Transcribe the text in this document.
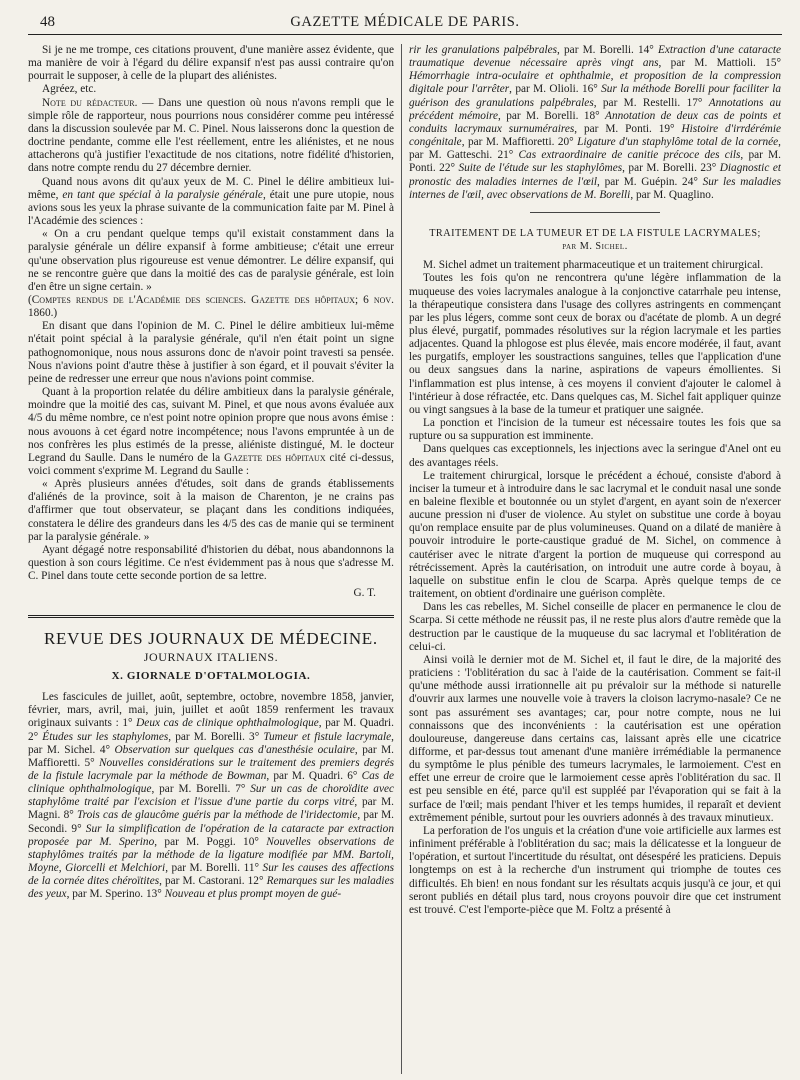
48	GAZETTE MÉDICALE DE PARIS.

Si je ne me trompe, ces citations prouvent, d'une manière assez évidente, que ma manière de voir à l'égard du délire expansif n'est pas aussi contraire qu'on pourrait le supposer, à celle de la plupart des aliénistes.

Agréez, etc.

Note du rédacteur. — Dans une question où nous n'avons rempli que le simple rôle de rapporteur, nous pourrions nous considérer comme peu intéressé dans la discussion soulevée par M. C. Pinel. Nous laisserons donc la question de doctrine pendante, comme elle l'est réellement, entre les aliénistes, et ne nous attacherons qu'à justifier l'exactitude de nos citations, notre fidélité d'historien, dans notre compte rendu du 27 décembre dernier.

Quand nous avons dit qu'aux yeux de M. C. Pinel le délire ambitieux lui-même, en tant que spécial à la paralysie générale, était une pure utopie, nous avions sous les yeux la phrase suivante de la communication faite par M. Pinel à l'Académie des sciences :

« On a cru pendant quelque temps qu'il existait constamment dans la paralysie générale un délire expansif à forme ambitieuse; c'était une erreur qu'une observation plus rigoureuse est venue démontrer. Le délire expansif, qui ne se rencontre guère que dans la moitié des cas de paralysie générale, est loin d'en être un signe certain. »

(Comptes rendus de l'Académie des sciences. Gazette des hôpitaux; 6 nov. 1860.)

En disant que dans l'opinion de M. C. Pinel le délire ambitieux lui-même n'était point spécial à la paralysie générale, qu'il n'en était point un signe pathognomonique, nous nous assurons donc de n'avoir point travesti sa pensée. Nous n'avions point d'autre thèse à justifier à son égard, et il pouvait s'éviter la peine de redresser une erreur que nous n'avions point commise.

Quant à la proportion relatée du délire ambitieux dans la paralysie générale, moindre que la moitié des cas, suivant M. Pinel, et que nous avons évaluée aux 4/5 du même nombre, ce n'est point notre opinion propre que nous avons émise : nous avouons à cet égard notre incompétence; nous l'avons empruntée à un de nos confrères les plus estimés de la presse, aliéniste distingué, M. le docteur Legrand du Saulle. Dans le numéro de la Gazette des hôpitaux cité ci-dessus, voici comment s'exprime M. Legrand du Saulle :

« Après plusieurs années d'études, soit dans de grands établissements d'aliénés de la province, soit à la maison de Charenton, je ne crains pas d'affirmer que tout observateur, se plaçant dans les conditions indiquées, constatera le délire des grandeurs dans les 4/5 des cas de manie qui se terminent par la paralysie générale. »

Ayant dégagé notre responsabilité d'historien du débat, nous abandonnons la question à son cours légitime. Ce n'est évidemment pas à nous que s'adresse M. C. Pinel dans toute cette seconde portion de sa lettre.

G. T.

REVUE DES JOURNAUX DE MÉDECINE.

JOURNAUX ITALIENS.

X. GIORNALE D'OFTALMOLOGIA.

Les fascicules de juillet, août, septembre, octobre, novembre 1858, janvier, février, mars, avril, mai, juin, juillet et août 1859 renferment les travaux originaux suivants : 1° Deux cas de clinique ophthalmologique, par M. Quadri. 2° Études sur les staphylomes, par M. Borelli. 3° Tumeur et fistule lacrymale, par M. Sichel. 4° Observation sur quelques cas d'anesthésie oculaire, par M. Maffioretti. 5° Nouvelles considérations sur le traitement des premiers degrés de la fistule lacrymale par la méthode de Bowman, par M. Quadri. 6° Cas de clinique ophthalmologique, par M. Borelli. 7° Sur un cas de choroïdite avec staphylôme traité par l'excision et l'issue d'une partie du corps vitré, par M. Magni. 8° Trois cas de glaucôme guéris par la méthode de l'iridectomie, par M. Secondi. 9° Sur la simplification de l'opération de la cataracte par extraction proposée par M. Sperino, par M. Poggi. 10° Nouvelles observations de staphylômes traités par la méthode de la ligature modifiée par MM. Bartoli, Moyne, Giorcelli et Melchiori, par M. Borelli. 11° Sur les causes des affections de la cornée dites chéroïtites, par M. Castorani. 12° Remarques sur les maladies des yeux, par M. Sperino. 13° Nouveau et plus prompt moyen de gué-

rir les granulations palpébrales, par M. Borelli. 14° Extraction d'une cataracte traumatique devenue nécessaire après vingt ans, par M. Mattioli. 15° Hémorrhagie intra-oculaire et ophthalmie, et proposition de la compression digitale pour l'arrêter, par M. Olioli. 16° Sur la méthode Borelli pour faciliter la guérison des granulations palpébrales, par M. Restelli. 17° Annotations au précédent mémoire, par M. Borelli. 18° Annotation de deux cas de points et conduits lacrymaux surnuméraires, par M. Ponti. 19° Histoire d'irrdérémie congénitale, par M. Maffioretti. 20° Ligature d'un staphylôme total de la cornée, par M. Gatteschi. 21° Cas extraordinaire de canitie précoce des cils, par M. Ponti. 22° Suite de l'étude sur les staphylômes, par M. Borelli. 23° Diagnostic et pronostic des maladies internes de l'œil, par M. Guépin. 24° Sur les maladies internes de l'œil, avec observations de M. Borelli, par M. Quaglino.

TRAITEMENT DE LA TUMEUR ET DE LA FISTULE LACRYMALES;
par M. Sichel.

M. Sichel admet un traitement pharmaceutique et un traitement chirurgical.

Toutes les fois qu'on ne rencontrera qu'une légère inflammation de la muqueuse des voies lacrymales analogue à la conjonctive catarrhale peu intense, la thérapeutique consistera dans l'usage des collyres astringents en commençant par les plus légers, comme sont ceux de borax ou d'acétate de plomb. A un degré plus élevé, purgatif, pommades résolutives sur la région lacrymale et les parties adjacentes. Quand la phlogose est plus élevée, mais encore modérée, il faut, avant les purgatifs, employer les soustractions sanguines, telles que l'application d'une ou deux sangsues dans la narine, aspirations de vapeurs émollientes. Si l'inflammation est plus intense, à ces moyens il convient d'ajouter le calomel à l'intérieur à dose réfractée, etc. Dans quelques cas, M. Sichel fait appliquer quinze ou vingt sangsues à la base de la tumeur et pratiquer une saignée.

La ponction et l'incision de la tumeur est nécessaire toutes les fois que sa rupture ou sa suppuration est imminente.

Dans quelques cas exceptionnels, les injections avec la seringue d'Anel ont eu des avantages réels.

Le traitement chirurgical, lorsque le précédent a échoué, consiste d'abord à inciser la tumeur et à introduire dans le sac lacrymal et le conduit nasal une sonde en baleine flexible et boutonnée ou un stylet d'argent, en ayant soin de n'exercer aucune pression ni d'user de violence. Au stylet on substitue une corde à boyau qu'on remplace ensuite par de plus volumineuses. Quand on a dilaté de manière à pouvoir introduire le porte-caustique gradué de M. Sichel, on commence à cautériser avec le nitrate d'argent la portion de muqueuse qui correspond au rétrécissement. Après la cautérisation, on introduit une autre corde à boyau, à laquelle on substitue enfin le clou de Scarpa. Après quelque temps de ce traitement, on obtient d'ordinaire une guérison complète.

Dans les cas rebelles, M. Sichel conseille de placer en permanence le clou de Scarpa. Si cette méthode ne réussit pas, il ne reste plus alors d'autre remède que la destruction par le caustique de la muqueuse du sac lacrymal et l'oblitération de celui-ci.

Ainsi voilà le dernier mot de M. Sichel et, il faut le dire, de la majorité des praticiens : 'l'oblitération du sac à l'aide de la cautérisation. Comment se fait-il qu'une méthode aussi irrationnelle ait pu prévaloir sur la méthode si naturelle d'ouvrir aux larmes une nouvelle voie à travers la cloison lacrymo-nasale? Ce ne sont pas assurément ses avantages; car, pour notre compte, nous ne lui connaissons que des inconvénients : la cautérisation est une opération douloureuse, dangereuse dans certains cas, laissant après elle une cicatrice difforme, et par-dessus tout amenant d'une manière irrémédiable la permanence du symptôme le plus pénible des tumeurs lacrymales, le larmoiement. C'est en effet une erreur de croire que le larmoiement cesse après l'oblitération du sac. Il est peu sensible en été, parce qu'il est suppléé par l'évaporation qui se fait à la surface de l'œil; mais pendant l'hiver et les temps humides, il reparaît et devient extrêmement pénible, surtout pour les ouvriers adonnés à des travaux minutieux.

La perforation de l'os unguis et la création d'une voie artificielle aux larmes est infiniment préférable à l'oblitération du sac; mais la délicatesse et la longueur de l'opération, et surtout l'incertitude du résultat, ont désespéré les praticiens. Depuis longtemps on est à la recherche d'un instrument qui triomphe de toutes ces difficultés. Eh bien! en nous fondant sur les résultats acquis jusqu'à ce jour, et qui seront publiés en détail plus tard, nous croyons pouvoir dire que cet instrument est trouvé. C'est l'emporte-pièce que M. Foltz a présenté à
